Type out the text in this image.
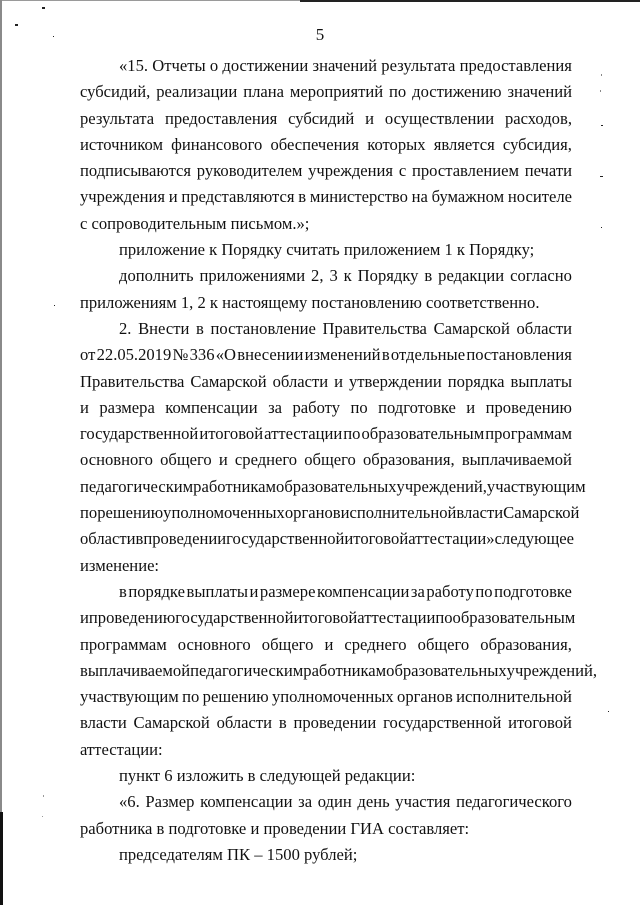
5
«15. Отчеты о достижении значений результата предоставления
субсидий, реализации плана мероприятий по достижению значений
результата предоставления субсидий и осуществлении расходов,
источником финансового обеспечения которых является субсидия,
подписываются руководителем учреждения с проставлением печати
учреждения и представляются в министерство на бумажном носителе
с сопроводительным письмом.»;
приложение к Порядку считать приложением 1 к Порядку;
дополнить приложениями 2, 3 к Порядку в редакции согласно
приложениям 1, 2 к настоящему постановлению соответственно.
2. Внести в постановление Правительства Самарской области
от 22.05.2019 № 336 «О внесении изменений в отдельные постановления
Правительства Самарской области и утверждении порядка выплаты
и размера компенсации за работу по подготовке и проведению
государственной итоговой аттестации по образовательным программам
основного общего и среднего общего образования, выплачиваемой
педагогическим работникам образовательных учреждений, участвующим
по решению уполномоченных органов исполнительной власти Самарской
области в проведении государственной итоговой аттестации» следующее
изменение:
в порядке выплаты и размере компенсации за работу по подготовке
и проведению государственной итоговой аттестации по образовательным
программам основного общего и среднего общего образования,
выплачиваемой педагогическим работникам образовательных учреждений,
участвующим по решению уполномоченных органов исполнительной
власти Самарской области в проведении государственной итоговой
аттестации:
пункт 6 изложить в следующей редакции:
«6. Размер компенсации за один день участия педагогического
работника в подготовке и проведении ГИА составляет:
председателям ПК – 1500 рублей;
